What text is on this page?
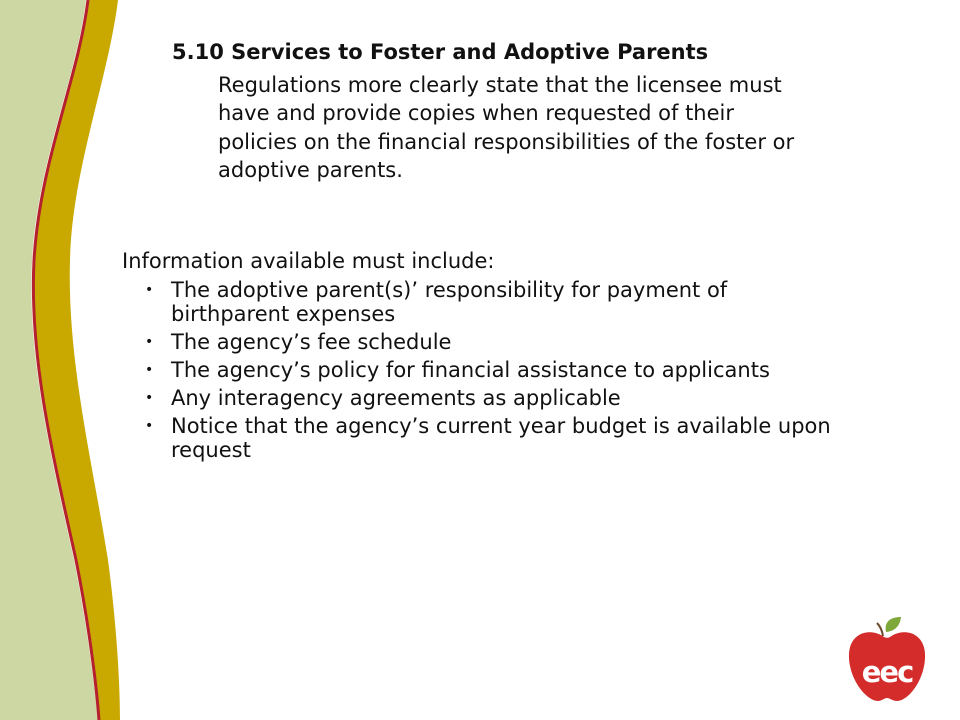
5.10 Services to Foster and Adoptive Parents
Regulations more clearly state that the licensee must
have and provide copies when requested of their
policies on the financial responsibilities of the foster or
adoptive parents.
Information available must include:
• The adoptive parent(s)’ responsibility for payment of
birthparent expenses
• The agency’s fee schedule
• The agency’s policy for financial assistance to applicants
• Any interagency agreements as applicable
• Notice that the agency’s current year budget is available upon
request
eec
